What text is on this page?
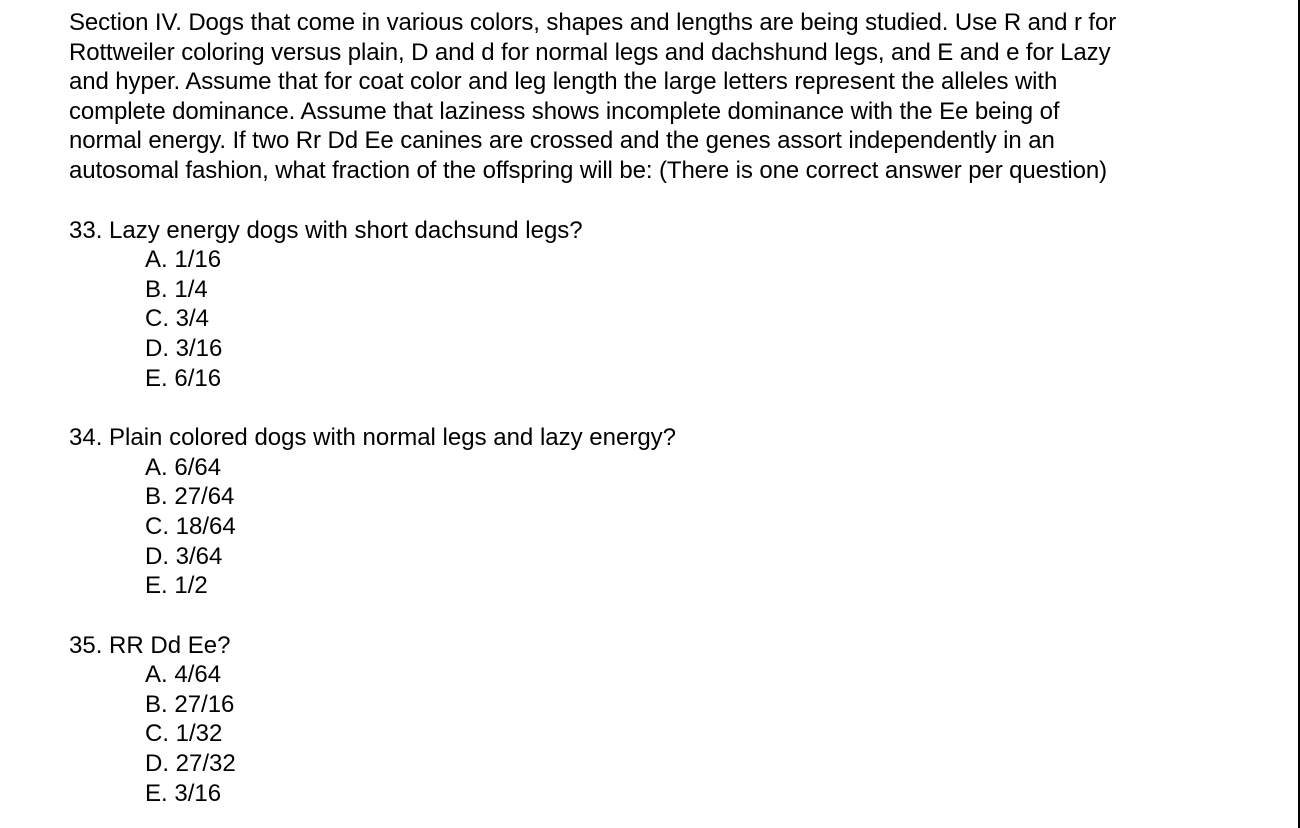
Section IV. Dogs that come in various colors, shapes and lengths are being studied. Use R and r for
Rottweiler coloring versus plain, D and d for normal legs and dachshund legs, and E and e for Lazy
and hyper. Assume that for coat color and leg length the large letters represent the alleles with
complete dominance. Assume that laziness shows incomplete dominance with the Ee being of
normal energy. If two Rr Dd Ee canines are crossed and the genes assort independently in an
autosomal fashion, what fraction of the offspring will be: (There is one correct answer per question)

33. Lazy energy dogs with short dachsund legs?

A. 1/16
B. 1/4
C. 3/4
D. 3/16
E. 6/16

34. Plain colored dogs with normal legs and lazy energy?

A. 6/64
B. 27/64
C. 18/64
D. 3/64
E. 1/2

35. RR Dd Ee?

A. 4/64
B. 27/16
C. 1/32
D. 27/32
E. 3/16
